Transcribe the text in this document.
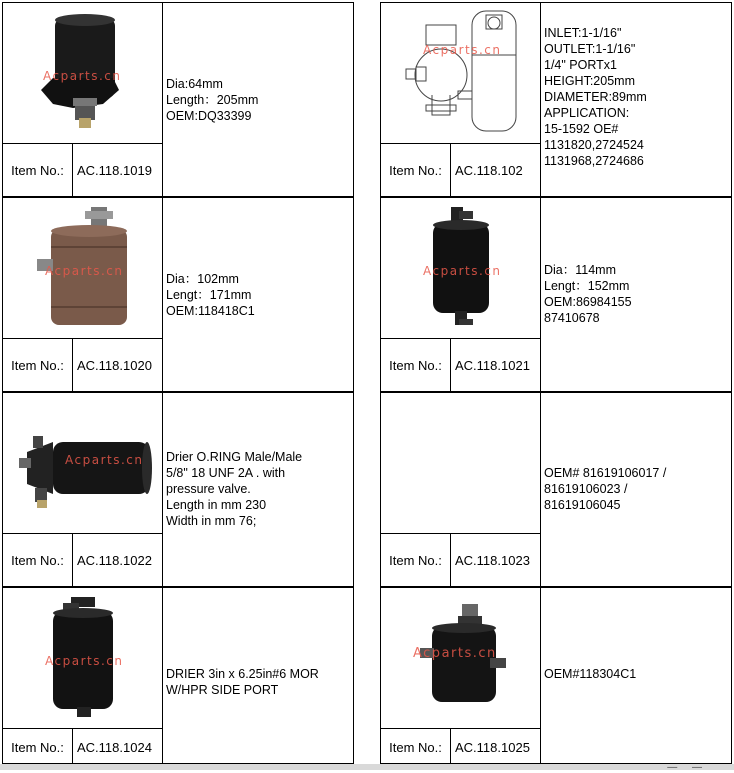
Item No.:	AC.118.1019
Dia:64mm
Length：205mm
OEM:DQ33399
Acparts.cn
Item No.:	AC.118.102
INLET:1-1/16"
OUTLET:1-1/16"
1/4" PORTx1
HEIGHT:205mm
DIAMETER:89mm
APPLICATION:
15-1592 OE#
1131820,2724524
1131968,2724686
Acparts.cn
Item No.:	AC.118.1020
Dia：102mm
Lengt：171mm
OEM:118418C1
Acparts.cn
Item No.:	AC.118.1021
Dia：114mm
Lengt：152mm
OEM:86984155
87410678
Acparts.cn
Item No.:	AC.118.1022
Drier O.RING Male/Male
5/8" 18 UNF 2A . with
pressure valve.
Length in mm 230
Width in mm 76;
Acparts.cn
Item No.:	AC.118.1023
OEM# 81619106017 /
81619106023 /
81619106045
Item No.:	AC.118.1024
DRIER 3in x 6.25in#6 MOR
W/HPR SIDE PORT
Acparts.cn
Item No.:	AC.118.1025
OEM#118304C1
Acparts.cn
— —
